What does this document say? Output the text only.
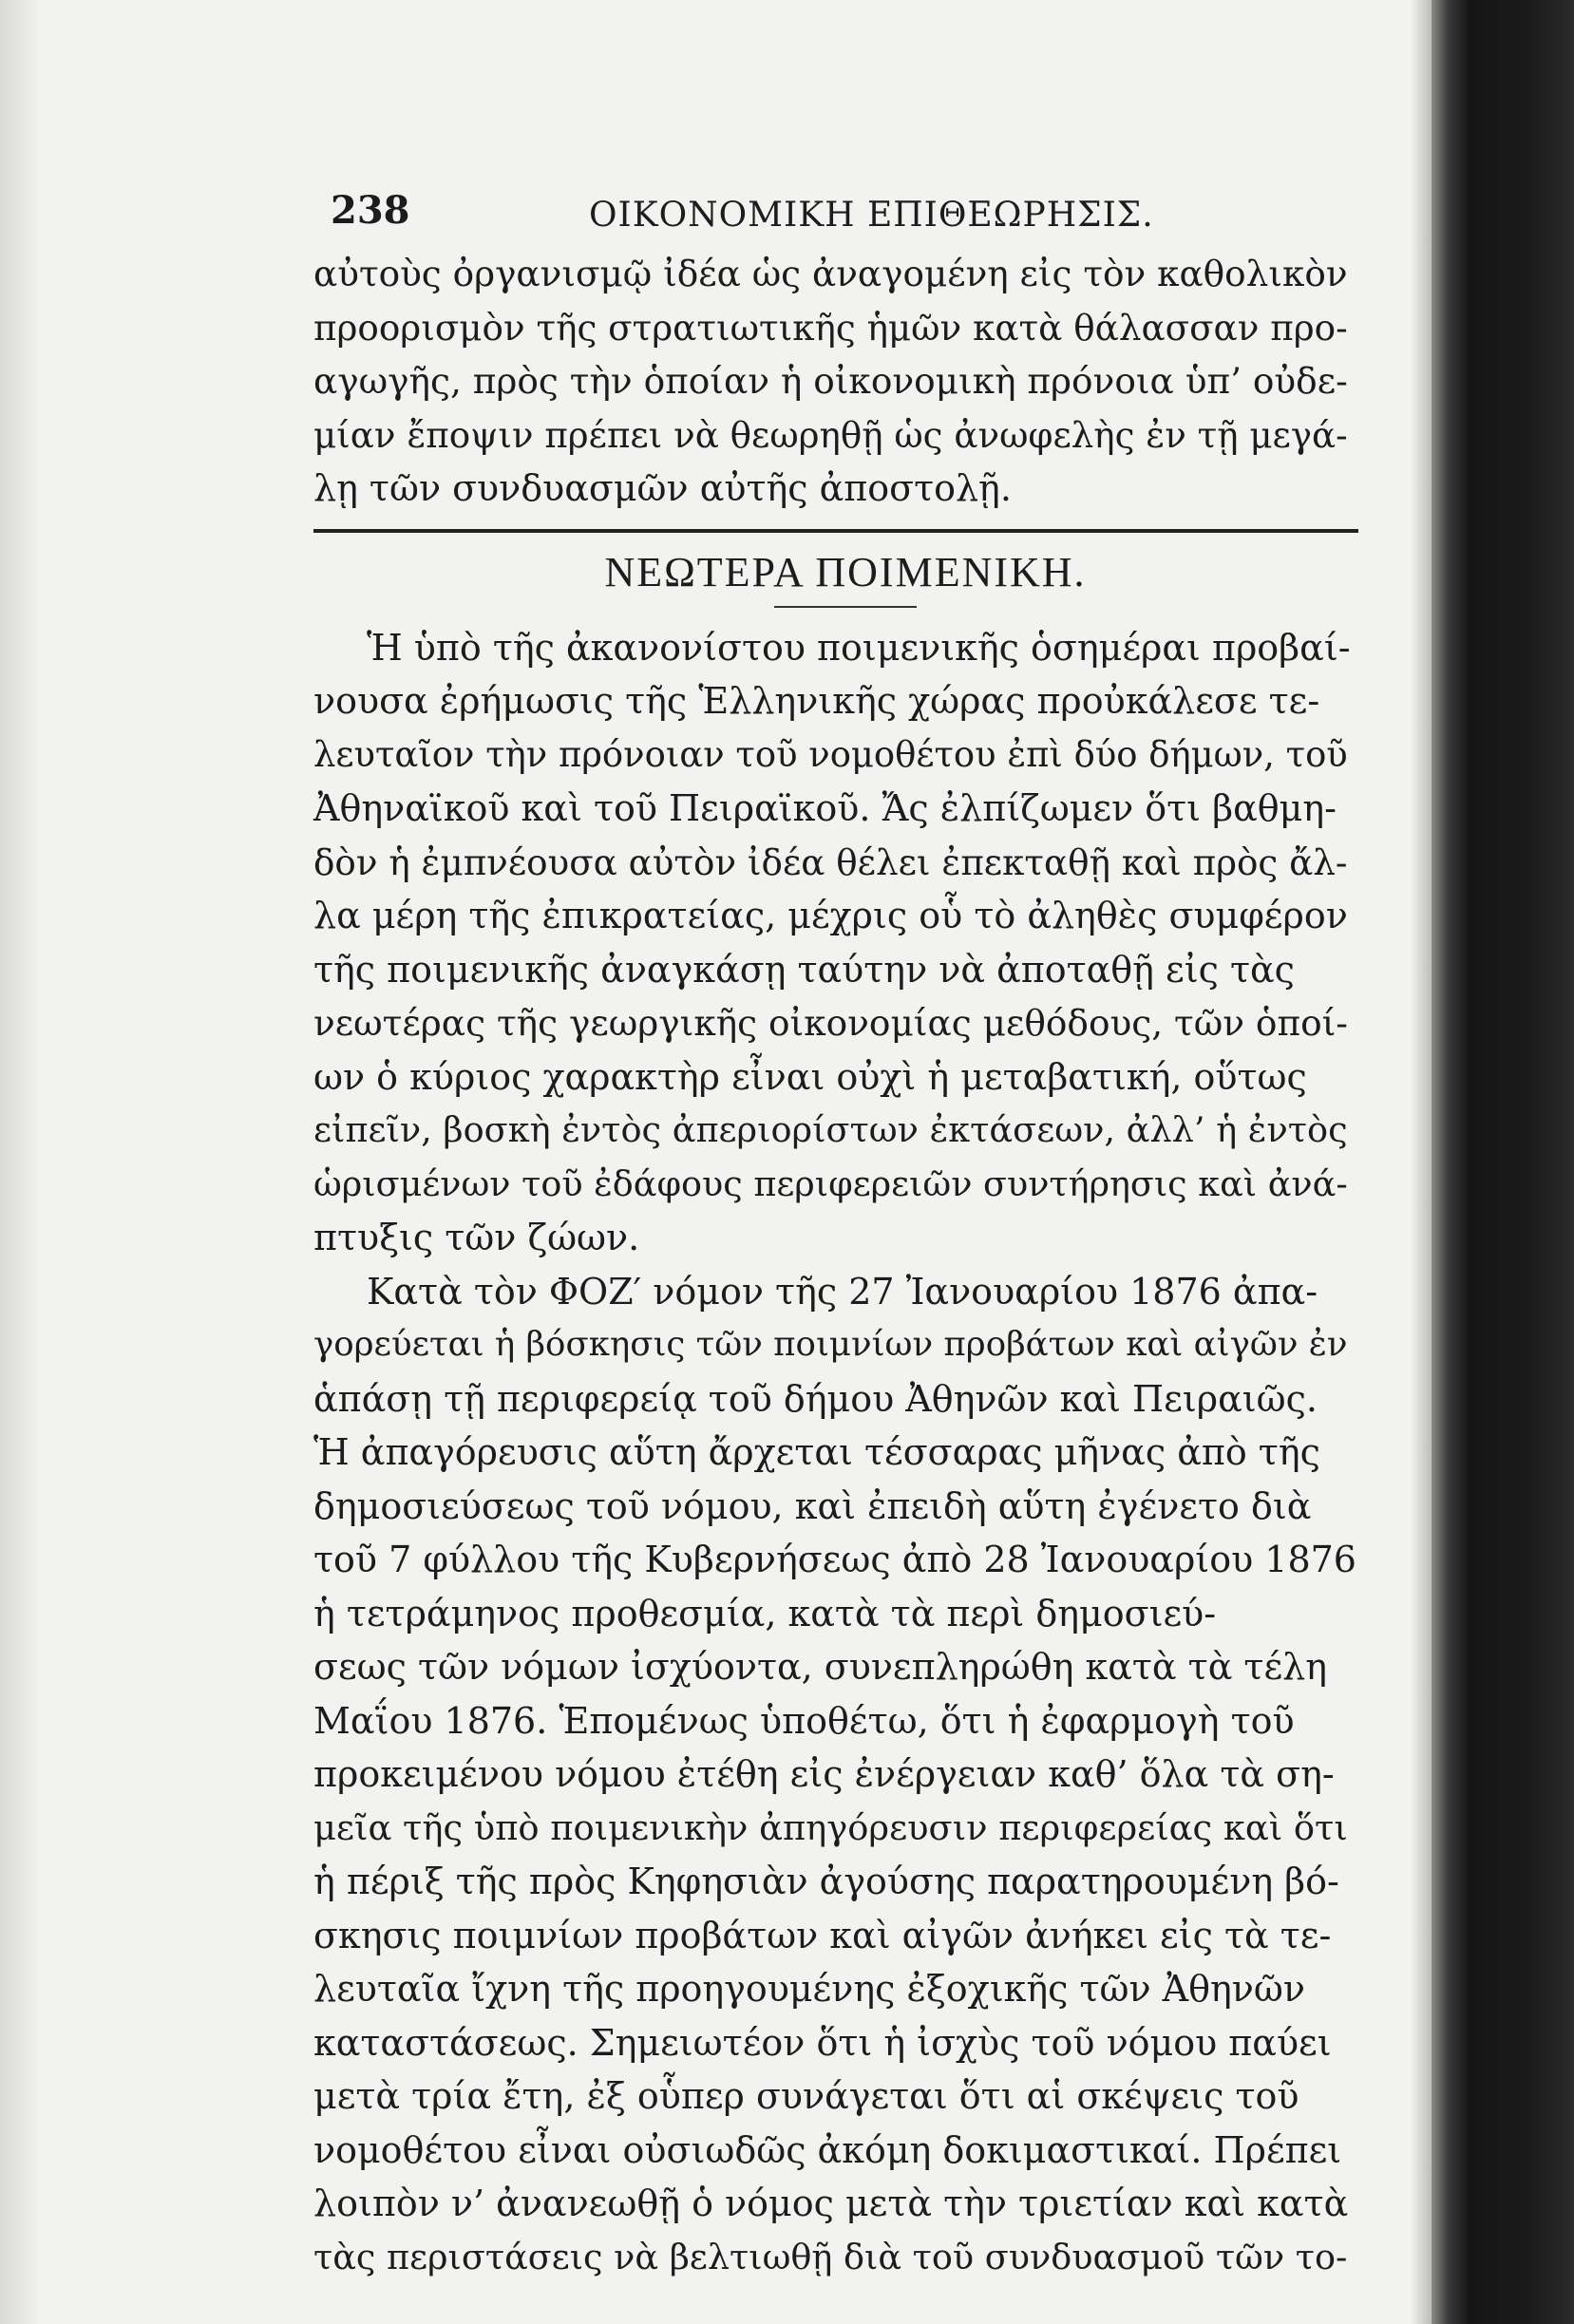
238	ΟΙΚΟΝΟΜΙΚΗ ΕΠΙΘΕΩΡΗΣΙΣ.

αὐτοὺς ὀργανισμῷ ἰδέα ὡς ἀναγομένη εἰς τὸν καθολικὸν
προορισμὸν τῆς στρατιωτικῆς ἡμῶν κατὰ θάλασσαν προ-
αγωγῆς, πρὸς τὴν ὁποίαν ἡ οἰκονομικὴ πρόνοια ὑπ’ οὐδε-
μίαν ἔποψιν πρέπει νὰ θεωρηθῇ ὡς ἀνωφελὴς ἐν τῇ μεγά-
λῃ τῶν συνδυασμῶν αὐτῆς ἀποστολῇ.

ΝΕΩΤΕΡΑ ΠΟΙΜΕΝΙΚΗ.

Ἡ ὑπὸ τῆς ἀκανονίστου ποιμενικῆς ὁσημέραι προβαί-
νουσα ἐρήμωσις τῆς Ἑλληνικῆς χώρας προὐκάλεσε τε-
λευταῖον τὴν πρόνοιαν τοῦ νομοθέτου ἐπὶ δύο δήμων, τοῦ
Ἀθηναϊκοῦ καὶ τοῦ Πειραϊκοῦ. Ἄς ἐλπίζωμεν ὅτι βαθμη-
δὸν ἡ ἐμπνέουσα αὐτὸν ἰδέα θέλει ἐπεκταθῇ καὶ πρὸς ἄλ-
λα μέρη τῆς ἐπικρατείας, μέχρις οὗ τὸ ἀληθὲς συμφέρον
τῆς ποιμενικῆς ἀναγκάσῃ ταύτην νὰ ἀποταθῇ εἰς τὰς
νεωτέρας τῆς γεωργικῆς οἰκονομίας μεθόδους, τῶν ὁποί-
ων ὁ κύριος χαρακτὴρ εἶναι οὐχὶ ἡ μεταβατική, οὕτως
εἰπεῖν, βοσκὴ ἐντὸς ἀπεριορίστων ἐκτάσεων, ἀλλ’ ἡ ἐντὸς
ὡρισμένων τοῦ ἐδάφους περιφερειῶν συντήρησις καὶ ἀνά-
πτυξις τῶν ζώων.

Κατὰ τὸν ΦΟΖ′ νόμον τῆς 27 Ἰανουαρίου 1876 ἀπα-
γορεύεται ἡ βόσκησις τῶν ποιμνίων προβάτων καὶ αἰγῶν ἐν
ἁπάσῃ τῇ περιφερείᾳ τοῦ δήμου Ἀθηνῶν καὶ Πειραιῶς.
Ἡ ἀπαγόρευσις αὕτη ἄρχεται τέσσαρας μῆνας ἀπὸ τῆς
δημοσιεύσεως τοῦ νόμου, καὶ ἐπειδὴ αὕτη ἐγένετο διὰ
τοῦ 7 φύλλου τῆς Κυβερνήσεως ἀπὸ 28 Ἰανουαρίου 1876
ἡ τετράμηνος προθεσμία, κατὰ τὰ περὶ δημοσιεύ-
σεως τῶν νόμων ἰσχύοντα, συνεπληρώθη κατὰ τὰ τέλη
Μαΐου 1876. Ἑπομένως ὑποθέτω, ὅτι ἡ ἐφαρμογὴ τοῦ
προκειμένου νόμου ἐτέθη εἰς ἐνέργειαν καθ’ ὅλα τὰ ση-
μεῖα τῆς ὑπὸ ποιμενικὴν ἀπηγόρευσιν περιφερείας καὶ ὅτι
ἡ πέριξ τῆς πρὸς Κηφησιὰν ἀγούσης παρατηρουμένη βό-
σκησις ποιμνίων προβάτων καὶ αἰγῶν ἀνήκει εἰς τὰ τε-
λευταῖα ἴχνη τῆς προηγουμένης ἐξοχικῆς τῶν Ἀθηνῶν
καταστάσεως. Σημειωτέον ὅτι ἡ ἰσχὺς τοῦ νόμου παύει
μετὰ τρία ἔτη, ἐξ οὗπερ συνάγεται ὅτι αἱ σκέψεις τοῦ
νομοθέτου εἶναι οὐσιωδῶς ἀκόμη δοκιμαστικαί. Πρέπει
λοιπὸν ν’ ἀνανεωθῇ ὁ νόμος μετὰ τὴν τριετίαν καὶ κατὰ
τὰς περιστάσεις νὰ βελτιωθῇ διὰ τοῦ συνδυασμοῦ τῶν το-
